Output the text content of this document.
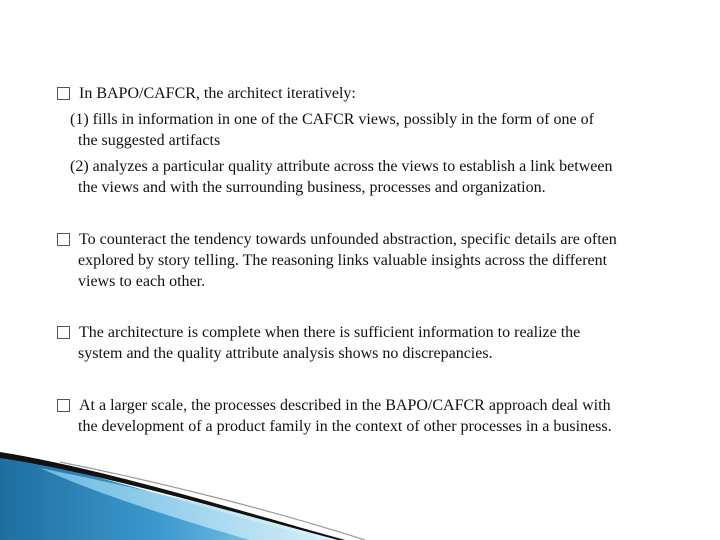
In BAPO/CAFCR, the architect iteratively:
(1) fills in information in one of the CAFCR views, possibly in the form of one of
the suggested artifacts
(2) analyzes a particular quality attribute across the views to establish a link between
the views and with the surrounding business, processes and organization.
To counteract the tendency towards unfounded abstraction, specific details are often
explored by story telling. The reasoning links valuable insights across the different
views to each other.
The architecture is complete when there is sufficient information to realize the
system and the quality attribute analysis shows no discrepancies.
At a larger scale, the processes described in the BAPO/CAFCR approach deal with
the development of a product family in the context of other processes in a business.
